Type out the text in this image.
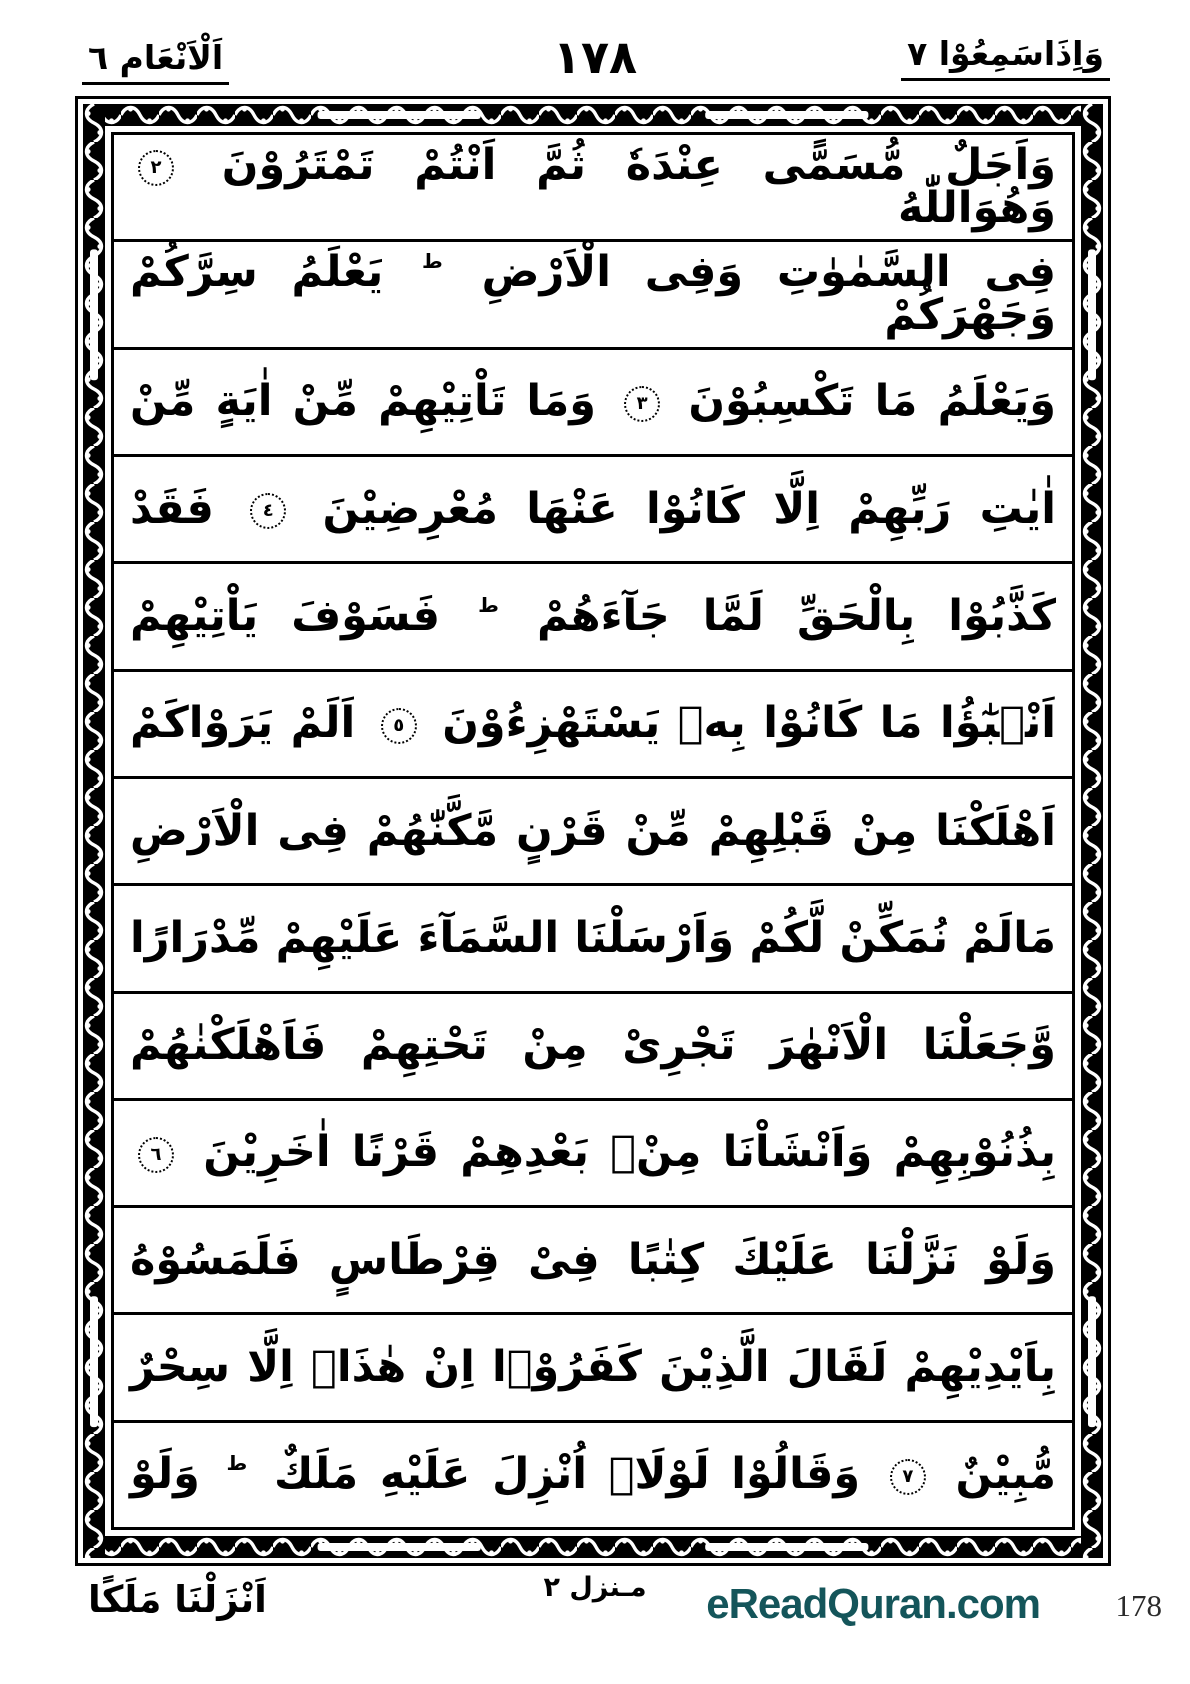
اَلْاَنْعَام ٦	١٧٨	وَاِذَاسَمِعُوْا ٧
وَاَجَلٌ مُّسَمًّى عِنْدَهٗ ثُمَّ اَنْتُمْ تَمْتَرُوْنَ ٢ وَهُوَاللّٰهُ
فِى السَّمٰوٰتِ وَفِى الْاَرْضِ $^ط$ يَعْلَمُ سِرَّكُمْ وَجَهْرَكُمْ
وَيَعْلَمُ مَا تَكْسِبُوْنَ ٣ وَمَا تَاْتِيْهِمْ مِّنْ اٰيَةٍ مِّنْ
اٰيٰتِ رَبِّهِمْ اِلَّا كَانُوْا عَنْهَا مُعْرِضِيْنَ ٤ فَقَدْ
كَذَّبُوْا بِالْحَقِّ لَمَّا جَآءَهُمْ $^ط$ فَسَوْفَ يَاْتِيْهِمْ
اَنْۢبٰٓؤُا مَا كَانُوْا بِهٖ يَسْتَهْزِءُوْنَ ٥ اَلَمْ يَرَوْاكَمْ
اَهْلَكْنَا مِنْ قَبْلِهِمْ مِّنْ قَرْنٍ مَّكَّنّٰهُمْ فِى الْاَرْضِ
مَالَمْ نُمَكِّنْ لَّكُمْ وَاَرْسَلْنَا السَّمَآءَ عَلَيْهِمْ مِّدْرَارًا
وَّجَعَلْنَا الْاَنْهٰرَ تَجْرِىْ مِنْ تَحْتِهِمْ فَاَهْلَكْنٰهُمْ
بِذُنُوْبِهِمْ وَاَنْشَاْنَا مِنْۢ بَعْدِهِمْ قَرْنًا اٰخَرِيْنَ ٦
وَلَوْ نَزَّلْنَا عَلَيْكَ كِتٰبًا فِىْ قِرْطَاسٍ فَلَمَسُوْهُ
بِاَيْدِيْهِمْ لَقَالَ الَّذِيْنَ كَفَرُوْۤا اِنْ هٰذَاۤ اِلَّا سِحْرٌ
مُّبِيْنٌ ٧ وَقَالُوْا لَوْلَاۤ اُنْزِلَ عَلَيْهِ مَلَكٌ $^ط$ وَلَوْ
اَنْزَلْنَا مَلَكًا	مـنزل ٢ eReadQuran.com 178
